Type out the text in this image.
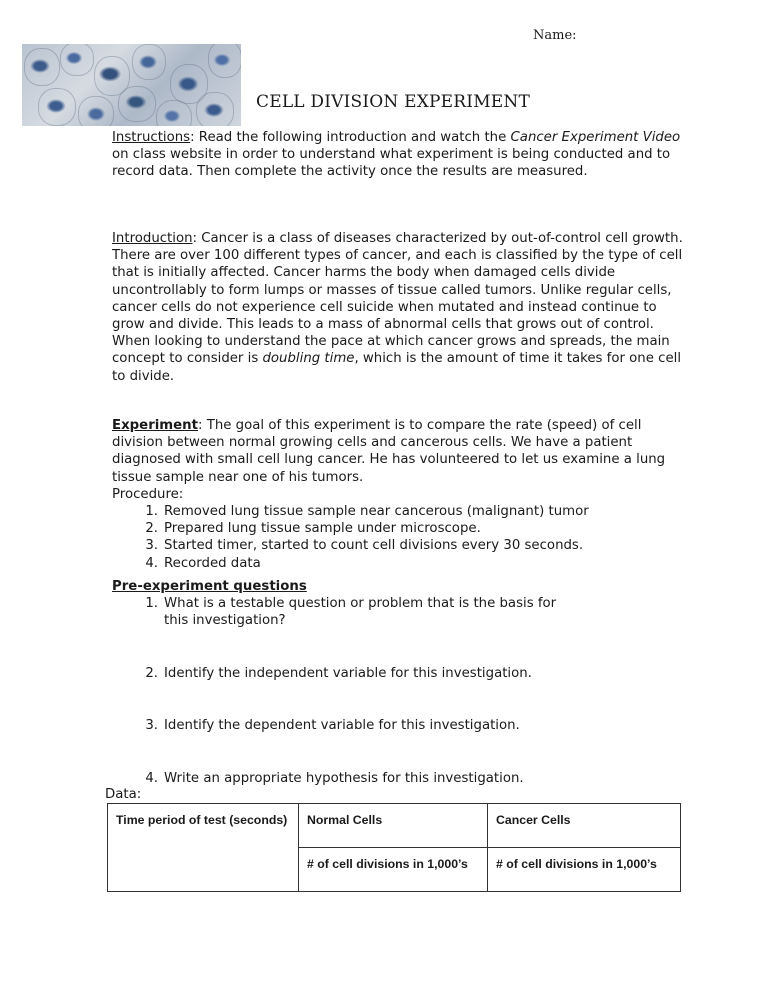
Name:
CELL DIVISION EXPERIMENT
Instructions: Read the following introduction and watch the Cancer Experiment Video on class website in order to understand what experiment is being conducted and to record data. Then complete the activity once the results are measured.
Introduction: Cancer is a class of diseases characterized by out-of-control cell growth. There are over 100 different types of cancer, and each is classified by the type of cell that is initially affected. Cancer harms the body when damaged cells divide uncontrollably to form lumps or masses of tissue called tumors. Unlike regular cells, cancer cells do not experience cell suicide when mutated and instead continue to grow and divide. This leads to a mass of abnormal cells that grows out of control. When looking to understand the pace at which cancer grows and spreads, the main concept to consider is doubling time, which is the amount of time it takes for one cell to divide.
Experiment: The goal of this experiment is to compare the rate (speed) of cell division between normal growing cells and cancerous cells. We have a patient diagnosed with small cell lung cancer. He has volunteered to let us examine a lung tissue sample near one of his tumors.
Procedure:
1. Removed lung tissue sample near cancerous (malignant) tumor
2. Prepared lung tissue sample under microscope.
3. Started timer, started to count cell divisions every 30 seconds.
4. Recorded data
Pre-experiment questions
1. What is a testable question or problem that is the basis for this investigation?
2. Identify the independent variable for this investigation.
3. Identify the dependent variable for this investigation.
4. Write an appropriate hypothesis for this investigation.
Data:
Time period of test (seconds)	Normal Cells	Cancer Cells
	# of cell divisions in 1,000’s	# of cell divisions in 1,000’s
